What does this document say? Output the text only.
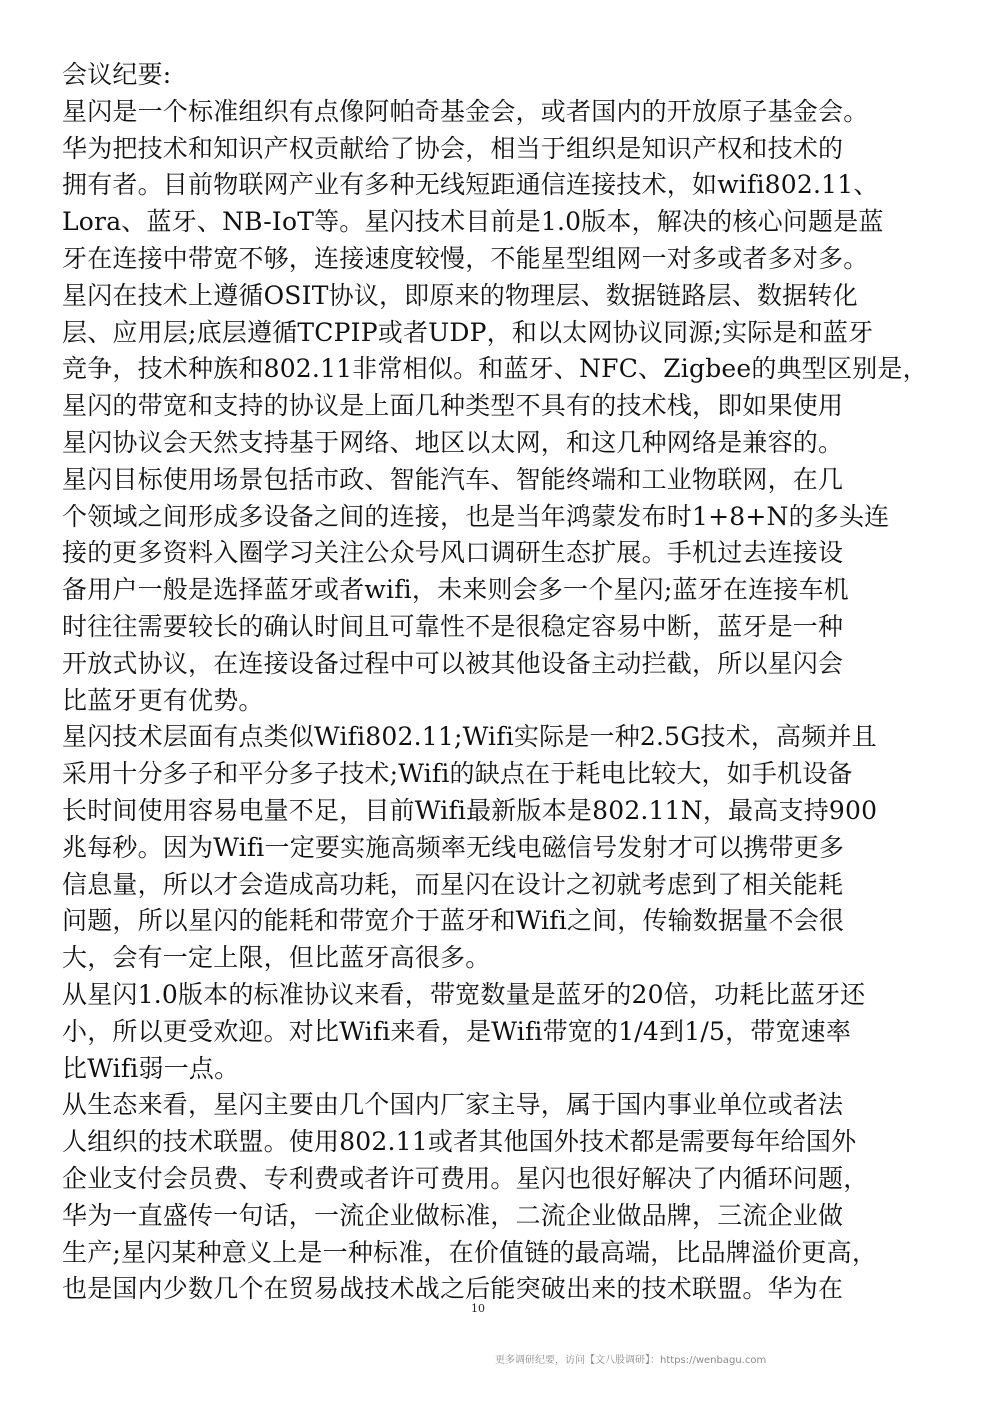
会议纪要:
星闪是一个标准组织有点像阿帕奇基金会，或者国内的开放原子基金会。
华为把技术和知识产权贡献给了协会，相当于组织是知识产权和技术的
拥有者。目前物联网产业有多种无线短距通信连接技术，如wifi802.11、
Lora、蓝牙、NB-IoT等。星闪技术目前是1.0版本，解决的核心问题是蓝
牙在连接中带宽不够，连接速度较慢，不能星型组网一对多或者多对多。
星闪在技术上遵循OSIT协议，即原来的物理层、数据链路层、数据转化
层、应用层;底层遵循TCPIP或者UDP，和以太网协议同源;实际是和蓝牙
竞争，技术种族和802.11非常相似。和蓝牙、NFC、Zigbee的典型区别是，
星闪的带宽和支持的协议是上面几种类型不具有的技术栈，即如果使用
星闪协议会天然支持基于网络、地区以太网，和这几种网络是兼容的。
星闪目标使用场景包括市政、智能汽车、智能终端和工业物联网，在几
个领域之间形成多设备之间的连接，也是当年鸿蒙发布时1+8+N的多头连
接的更多资料入圈学习关注公众号风口调研生态扩展。手机过去连接设
备用户一般是选择蓝牙或者wifi，未来则会多一个星闪;蓝牙在连接车机
时往往需要较长的确认时间且可靠性不是很稳定容易中断，蓝牙是一种
开放式协议，在连接设备过程中可以被其他设备主动拦截，所以星闪会
比蓝牙更有优势。
星闪技术层面有点类似Wifi802.11;Wifi实际是一种2.5G技术，高频并且
采用十分多子和平分多子技术;Wifi的缺点在于耗电比较大，如手机设备
长时间使用容易电量不足，目前Wifi最新版本是802.11N，最高支持900
兆每秒。因为Wifi一定要实施高频率无线电磁信号发射才可以携带更多
信息量，所以才会造成高功耗，而星闪在设计之初就考虑到了相关能耗
问题，所以星闪的能耗和带宽介于蓝牙和Wifi之间，传输数据量不会很
大，会有一定上限，但比蓝牙高很多。
从星闪1.0版本的标准协议来看，带宽数量是蓝牙的20倍，功耗比蓝牙还
小，所以更受欢迎。对比Wifi来看，是Wifi带宽的1/4到1/5，带宽速率
比Wifi弱一点。
从生态来看，星闪主要由几个国内厂家主导，属于国内事业单位或者法
人组织的技术联盟。使用802.11或者其他国外技术都是需要每年给国外
企业支付会员费、专利费或者许可费用。星闪也很好解决了内循环问题，
华为一直盛传一句话，一流企业做标准，二流企业做品牌，三流企业做
生产;星闪某种意义上是一种标准，在价值链的最高端，比品牌溢价更高，
也是国内少数几个在贸易战技术战之后能突破出来的技术联盟。华为在
10
更多调研纪要，访问【文八股调研】：https://wenbagu.com
